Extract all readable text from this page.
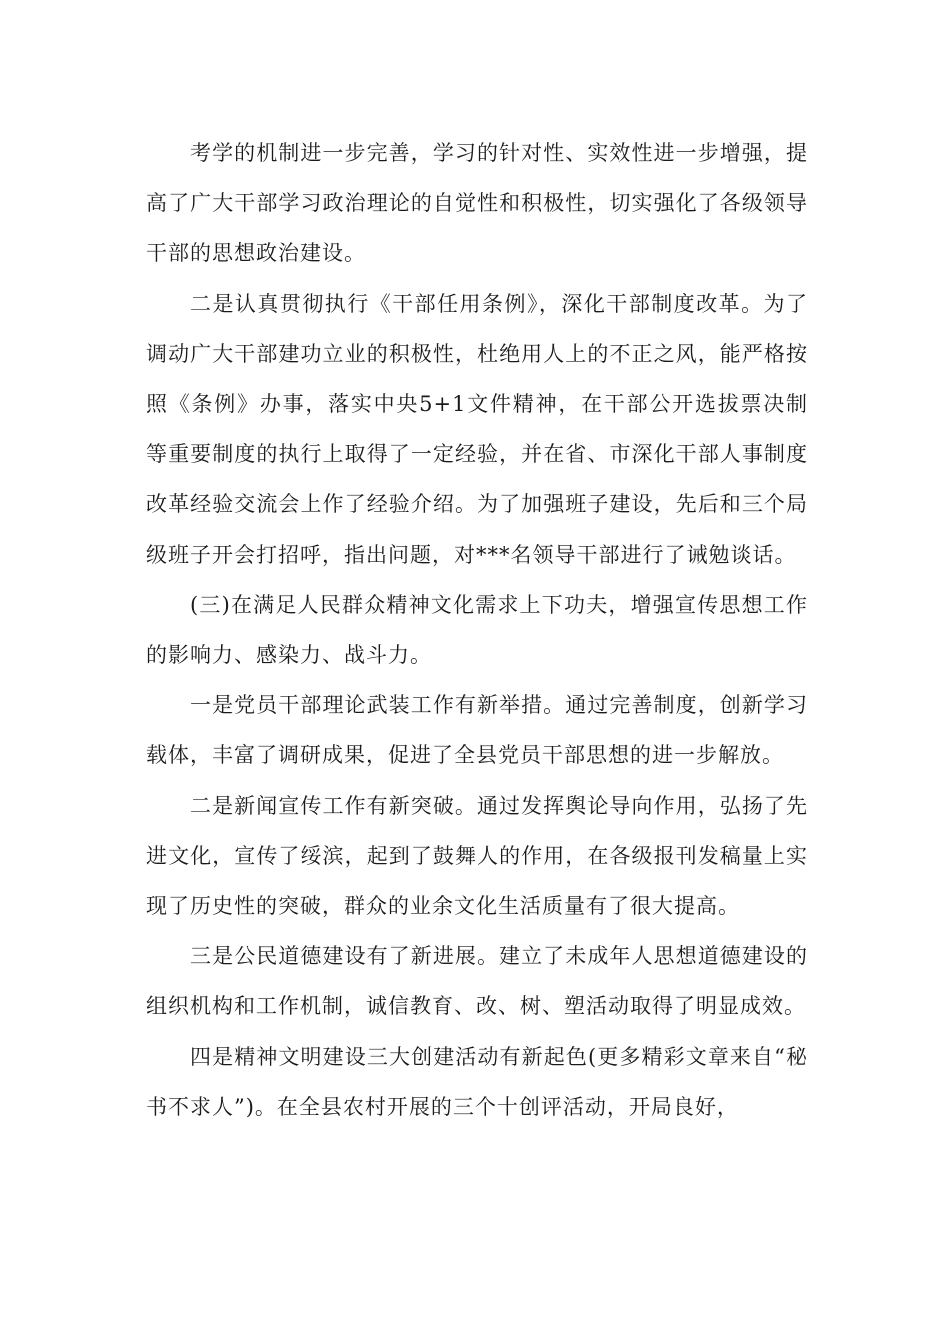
考学的机制进一步完善，学习的针对性、实效性进一步增强，提高了广大干部学习政治理论的自觉性和积极性，切实强化了各级领导干部的思想政治建设。

二是认真贯彻执行《干部任用条例》，深化干部制度改革。为了调动广大干部建功立业的积极性，杜绝用人上的不正之风，能严格按照《条例》办事，落实中央5+1文件精神，在干部公开选拔票决制等重要制度的执行上取得了一定经验，并在省、市深化干部人事制度改革经验交流会上作了经验介绍。为了加强班子建设，先后和三个局级班子开会打招呼，指出问题，对***名领导干部进行了诫勉谈话。

(三)在满足人民群众精神文化需求上下功夫，增强宣传思想工作的影响力、感染力、战斗力。

一是党员干部理论武装工作有新举措。通过完善制度，创新学习载体，丰富了调研成果，促进了全县党员干部思想的进一步解放。

二是新闻宣传工作有新突破。通过发挥舆论导向作用，弘扬了先进文化，宣传了绥滨，起到了鼓舞人的作用，在各级报刊发稿量上实现了历史性的突破，群众的业余文化生活质量有了很大提高。

三是公民道德建设有了新进展。建立了未成年人思想道德建设的组织机构和工作机制，诚信教育、改、树、塑活动取得了明显成效。

四是精神文明建设三大创建活动有新起色(更多精彩文章来自“秘书不求人”)。在全县农村开展的三个十创评活动，开局良好，
